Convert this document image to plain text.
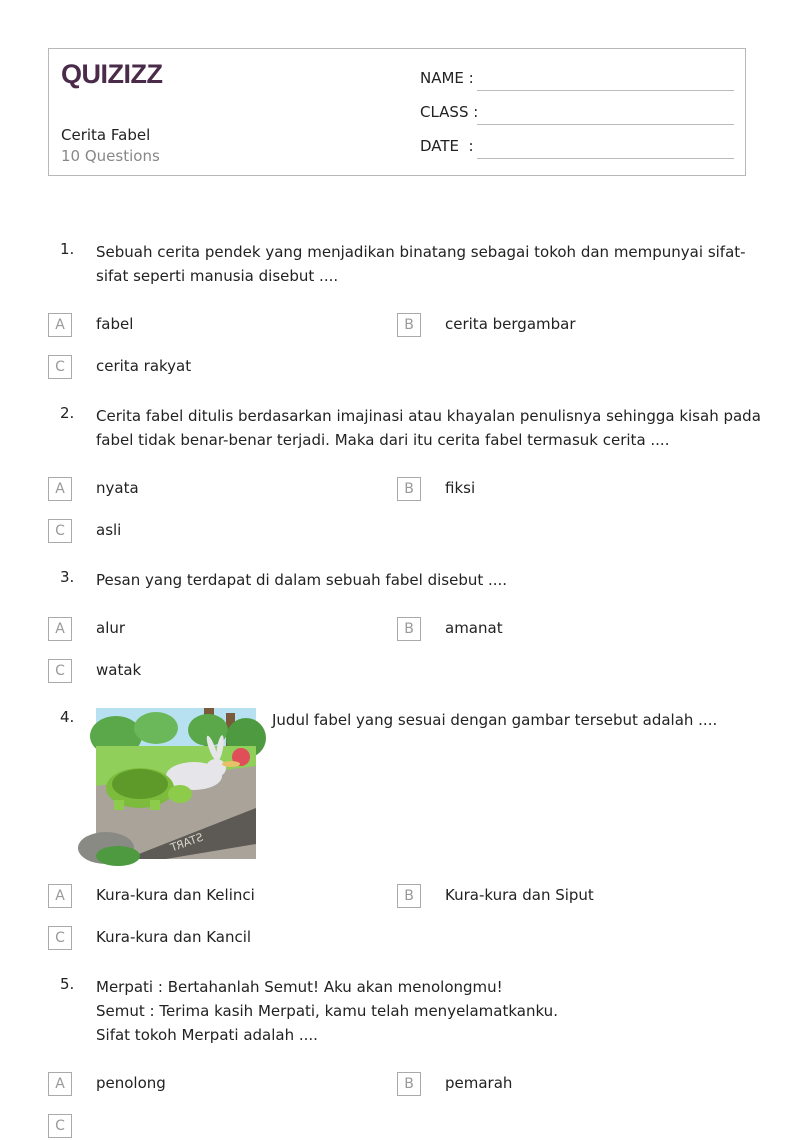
QUIZIZZ
Cerita Fabel
10 Questions
NAME :
CLASS :
DATE  :
1. Sebuah cerita pendek yang menjadikan binatang sebagai tokoh dan mempunyai sifat-
sifat seperti manusia disebut ....
A	fabel	B	cerita bergambar
C	cerita rakyat
2. Cerita fabel ditulis berdasarkan imajinasi atau khayalan penulisnya sehingga kisah pada
fabel tidak benar-benar terjadi. Maka dari itu cerita fabel termasuk cerita ....
A	nyata	B	fiksi
C	asli
3. Pesan yang terdapat di dalam sebuah fabel disebut ....
A	alur	B	amanat
C	watak
4.	Judul fabel yang sesuai dengan gambar tersebut adalah ....
START
A	Kura-kura dan Kelinci	B	Kura-kura dan Siput
C	Kura-kura dan Kancil
5. Merpati : Bertahanlah Semut! Aku akan menolongmu!
Semut : Terima kasih Merpati, kamu telah menyelamatkanku.
Sifat tokoh Merpati adalah ....
A	penolong	B	pemarah
C
